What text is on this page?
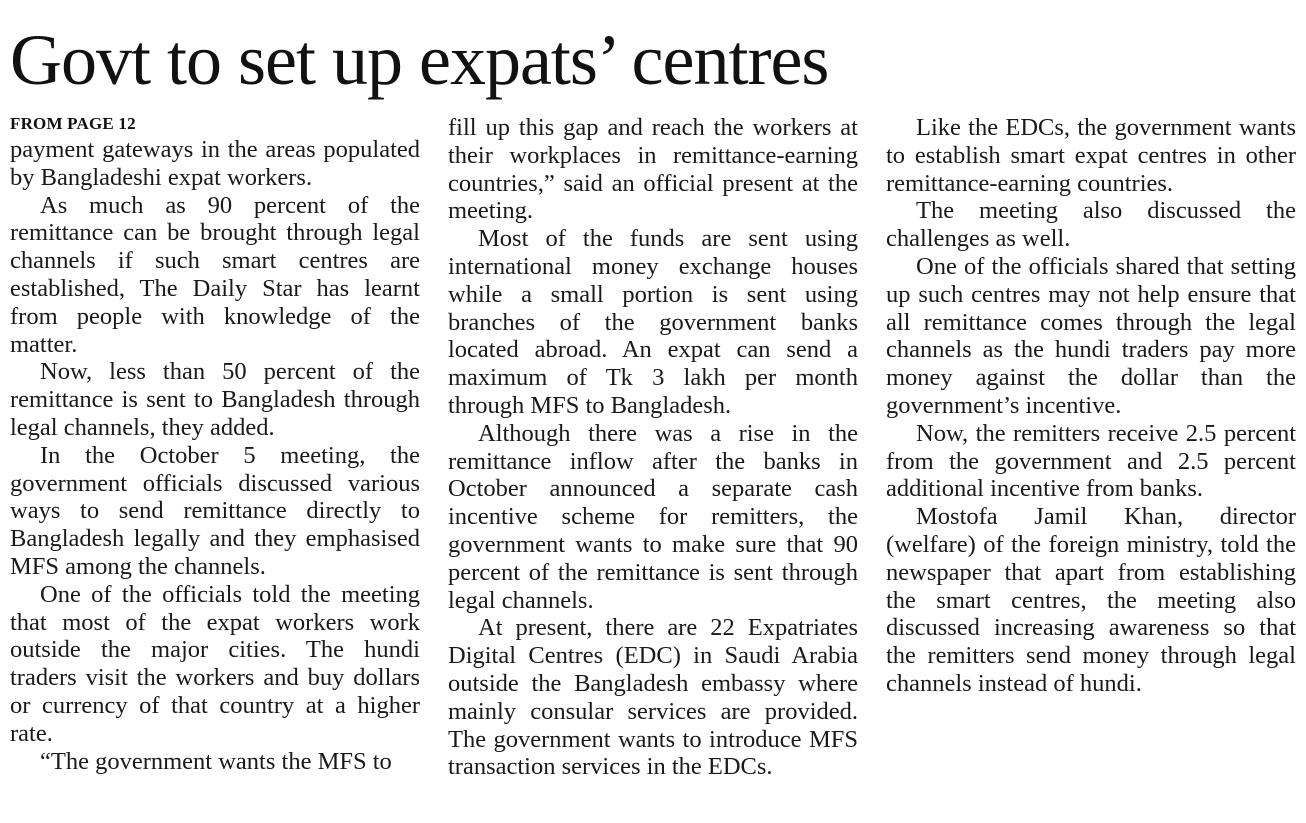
Govt to set up expats’ centres
FROM PAGE 12

payment gateways in the areas populated by Bangladeshi expat workers.

As much as 90 percent of the remittance can be brought through legal channels if such smart centres are established, The Daily Star has learnt from people with knowledge of the matter.

Now, less than 50 percent of the remittance is sent to Bangladesh through legal channels, they added.

In the October 5 meeting, the government officials discussed various ways to send remittance directly to Bangladesh legally and they emphasised MFS among the channels.

One of the officials told the meeting that most of the expat workers work outside the major cities. The hundi traders visit the workers and buy dollars or currency of that country at a higher rate.

“The government wants the MFS to

fill up this gap and reach the workers at their workplaces in remittance-earning countries,” said an official present at the meeting.

Most of the funds are sent using international money exchange houses while a small portion is sent using branches of the government banks located abroad. An expat can send a maximum of Tk 3 lakh per month through MFS to Bangladesh.

Although there was a rise in the remittance inflow after the banks in October announced a separate cash incentive scheme for remitters, the government wants to make sure that 90 percent of the remittance is sent through legal channels.

At present, there are 22 Expatriates Digital Centres (EDC) in Saudi Arabia outside the Bangladesh embassy where mainly consular services are provided. The government wants to introduce MFS transaction services in the EDCs.

Like the EDCs, the government wants to establish smart expat centres in other remittance-earning countries.

The meeting also discussed the challenges as well.

One of the officials shared that setting up such centres may not help ensure that all remittance comes through the legal channels as the hundi traders pay more money against the dollar than the government’s incentive.

Now, the remitters receive 2.5 percent from the government and 2.5 percent additional incentive from banks.

Mostofa Jamil Khan, director (welfare) of the foreign ministry, told the newspaper that apart from establishing the smart centres, the meeting also discussed increasing awareness so that the remitters send money through legal channels instead of hundi.
